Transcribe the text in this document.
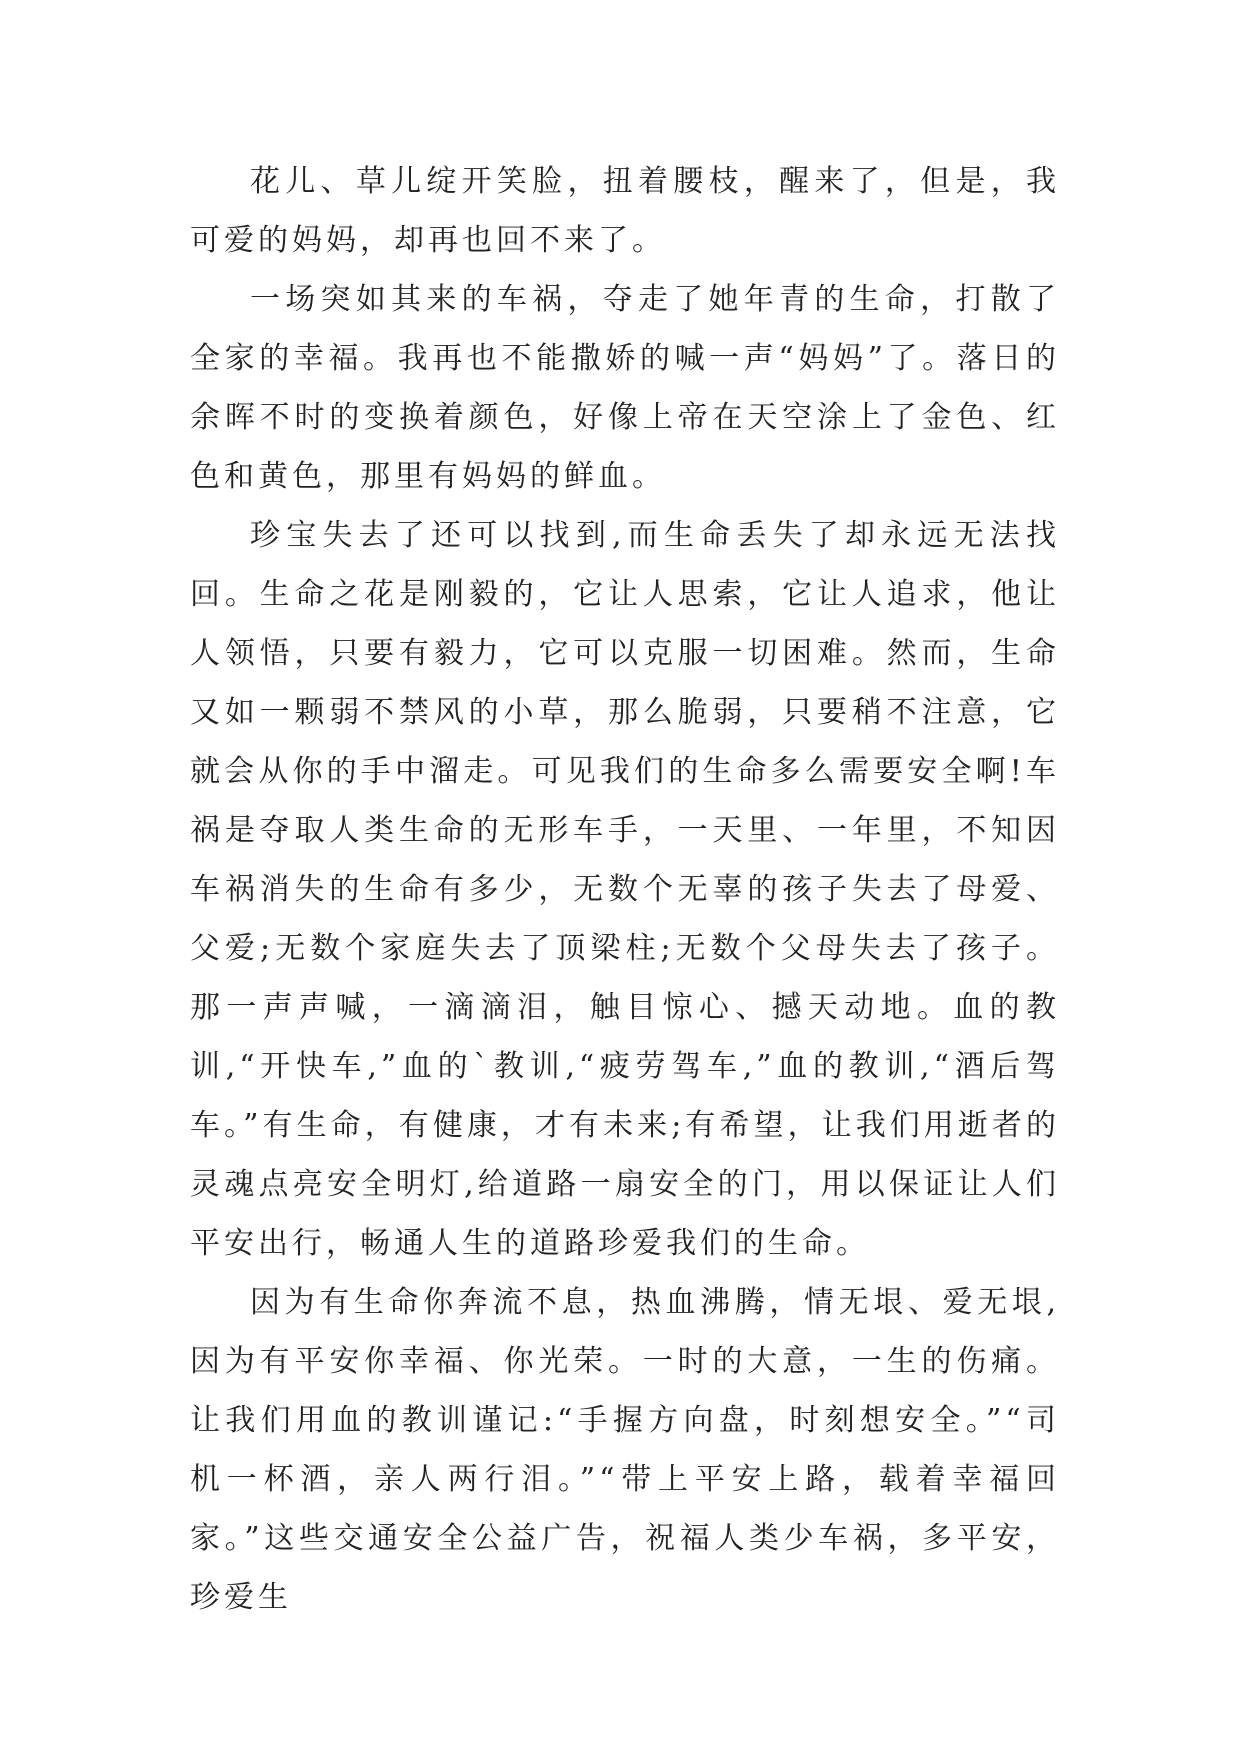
花儿、草儿绽开笑脸，扭着腰枝，醒来了，但是，我可爱的妈妈，却再也回不来了。

一场突如其来的车祸，夺走了她年青的生命，打散了全家的幸福。我再也不能撒娇的喊一声“妈妈”了。落日的余晖不时的变换着颜色，好像上帝在天空涂上了金色、红色和黄色，那里有妈妈的鲜血。

珍宝失去了还可以找到,而生命丢失了却永远无法找回。生命之花是刚毅的，它让人思索，它让人追求，他让人领悟，只要有毅力，它可以克服一切困难。然而，生命又如一颗弱不禁风的小草，那么脆弱，只要稍不注意，它就会从你的手中溜走。可见我们的生命多么需要安全啊!车祸是夺取人类生命的无形车手，一天里、一年里，不知因车祸消失的生命有多少，无数个无辜的孩子失去了母爱、父爱;无数个家庭失去了顶梁柱;无数个父母失去了孩子。那一声声喊，一滴滴泪，触目惊心、撼天动地。血的教训,“开快车,”血的`教训,“疲劳驾车,”血的教训,“酒后驾车。”有生命，有健康，才有未来;有希望，让我们用逝者的灵魂点亮安全明灯,给道路一扇安全的门，用以保证让人们平安出行，畅通人生的道路珍爱我们的生命。

因为有生命你奔流不息，热血沸腾，情无垠、爱无垠,因为有平安你幸福、你光荣。一时的大意，一生的伤痛。让我们用血的教训谨记:“手握方向盘，时刻想安全。”“司机一杯酒，亲人两行泪。”“带上平安上路，载着幸福回家。”这些交通安全公益广告，祝福人类少车祸，多平安，珍爱生
